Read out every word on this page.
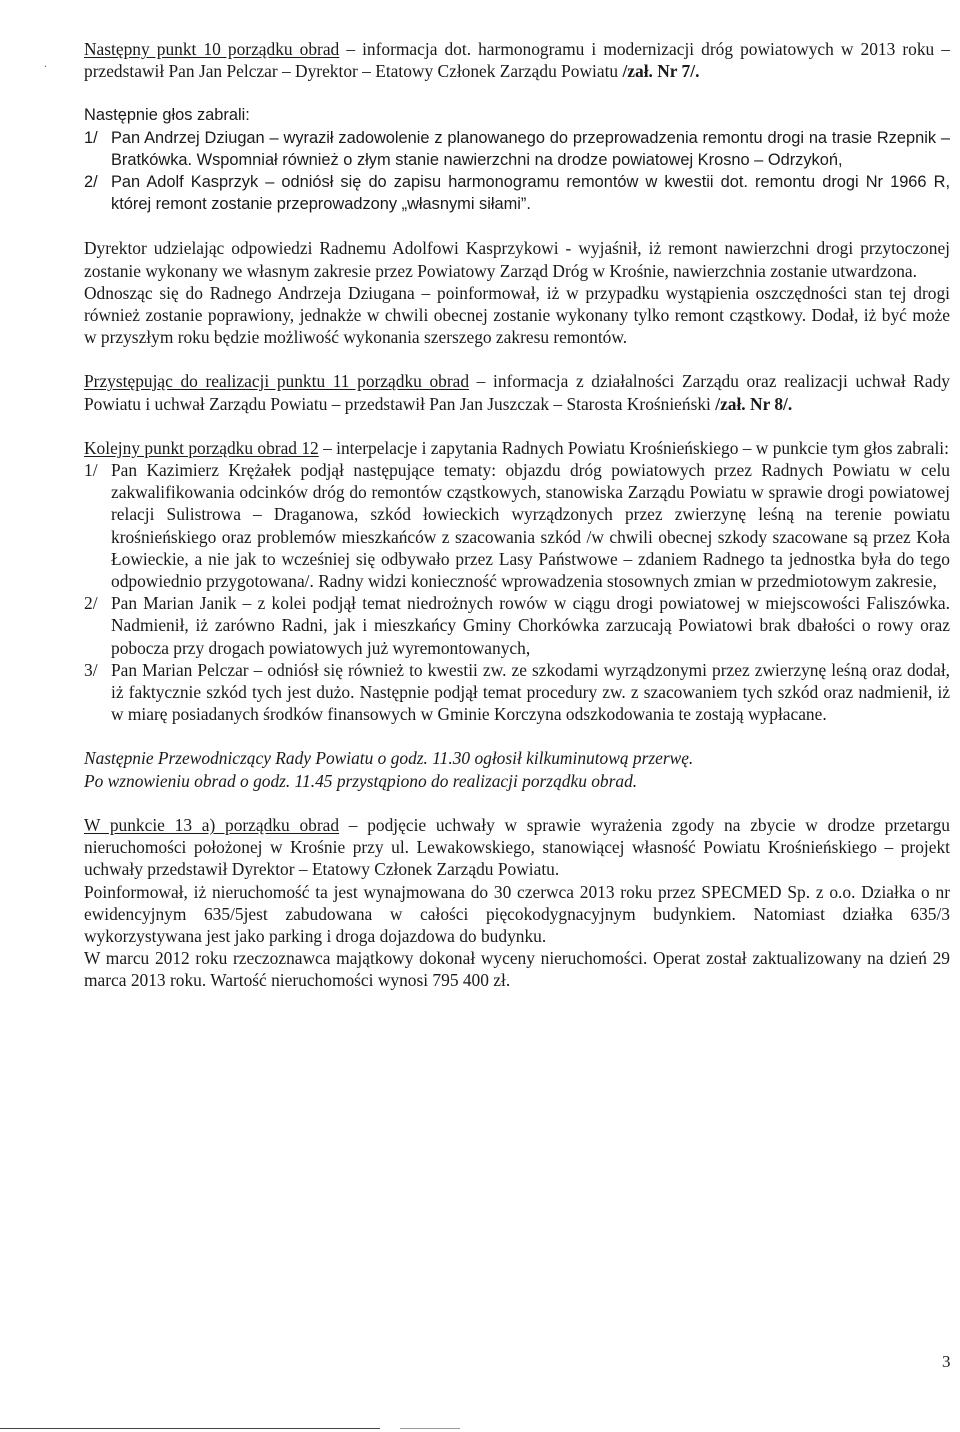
.

Następny punkt 10 porządku obrad – informacja dot. harmonogramu i modernizacji dróg powiatowych w 2013 roku – przedstawił Pan Jan Pelczar – Dyrektor – Etatowy Członek Zarządu Powiatu /zał. Nr 7/.

Następnie głos zabrali:

1/ Pan Andrzej Dziugan – wyraził zadowolenie z planowanego do przeprowadzenia remontu drogi na trasie Rzepnik – Bratkówka. Wspomniał również o złym stanie nawierzchni na drodze powiatowej Krosno – Odrzykoń,

2/ Pan Adolf Kasprzyk – odniósł się do zapisu harmonogramu remontów w kwestii dot. remontu drogi Nr 1966 R, której remont zostanie przeprowadzony „własnymi siłami”.

Dyrektor udzielając odpowiedzi Radnemu Adolfowi Kasprzykowi - wyjaśnił, iż remont nawierzchni drogi przytoczonej zostanie wykonany we własnym zakresie przez Powiatowy Zarząd Dróg w Krośnie, nawierzchnia zostanie utwardzona.

Odnosząc się do Radnego Andrzeja Dziugana – poinformował, iż w przypadku wystąpienia oszczędności stan tej drogi również zostanie poprawiony, jednakże w chwili obecnej zostanie wykonany tylko remont cząstkowy. Dodał, iż być może w przyszłym roku będzie możliwość wykonania szerszego zakresu remontów.

Przystępując do realizacji punktu 11 porządku obrad – informacja z działalności Zarządu oraz realizacji uchwał Rady Powiatu i uchwał Zarządu Powiatu – przedstawił Pan Jan Juszczak – Starosta Krośnieński /zał. Nr 8/.

Kolejny punkt porządku obrad 12 – interpelacje i zapytania Radnych Powiatu Krośnieńskiego – w punkcie tym głos zabrali:

1/ Pan Kazimierz Krężałek podjął następujące tematy: objazdu dróg powiatowych przez Radnych Powiatu w celu zakwalifikowania odcinków dróg do remontów cząstkowych, stanowiska Zarządu Powiatu w sprawie drogi powiatowej relacji Sulistrowa – Draganowa, szkód łowieckich wyrządzonych przez zwierzynę leśną na terenie powiatu krośnieńskiego oraz problemów mieszkańców z szacowania szkód /w chwili obecnej szkody szacowane są przez Koła Łowieckie, a nie jak to wcześniej się odbywało przez Lasy Państwowe – zdaniem Radnego ta jednostka była do tego odpowiednio przygotowana/. Radny widzi konieczność wprowadzenia stosownych zmian w przedmiotowym zakresie,

2/ Pan Marian Janik – z kolei podjął temat niedrożnych rowów w ciągu drogi powiatowej w miejscowości Faliszówka. Nadmienił, iż zarówno Radni, jak i mieszkańcy Gminy Chorkówka zarzucają Powiatowi brak dbałości o rowy oraz pobocza przy drogach powiatowych już wyremontowanych,

3/ Pan Marian Pelczar – odniósł się również to kwestii zw. ze szkodami wyrządzonymi przez zwierzynę leśną oraz dodał, iż faktycznie szkód tych jest dużo. Następnie podjął temat procedury zw. z szacowaniem tych szkód oraz nadmienił, iż w miarę posiadanych środków finansowych w Gminie Korczyna odszkodowania te zostają wypłacane.

Następnie Przewodniczący Rady Powiatu o godz. 11.30 ogłosił kilkuminutową przerwę.

Po wznowieniu obrad o godz. 11.45 przystąpiono do realizacji porządku obrad.

W punkcie 13 a) porządku obrad – podjęcie uchwały w sprawie wyrażenia zgody na zbycie w drodze przetargu nieruchomości położonej w Krośnie przy ul. Lewakowskiego, stanowiącej własność Powiatu Krośnieńskiego – projekt uchwały przedstawił Dyrektor – Etatowy Członek Zarządu Powiatu.

Poinformował, iż nieruchomość ta jest wynajmowana do 30 czerwca 2013 roku przez SPECMED Sp. z o.o. Działka o nr ewidencyjnym 635/5jest zabudowana w całości pięcokodygnacyjnym budynkiem. Natomiast działka 635/3 wykorzystywana jest jako parking i droga dojazdowa do budynku.

W marcu 2012 roku rzeczoznawca majątkowy dokonał wyceny nieruchomości. Operat został zaktualizowany na dzień 29 marca 2013 roku. Wartość nieruchomości wynosi 795 400 zł.

3
